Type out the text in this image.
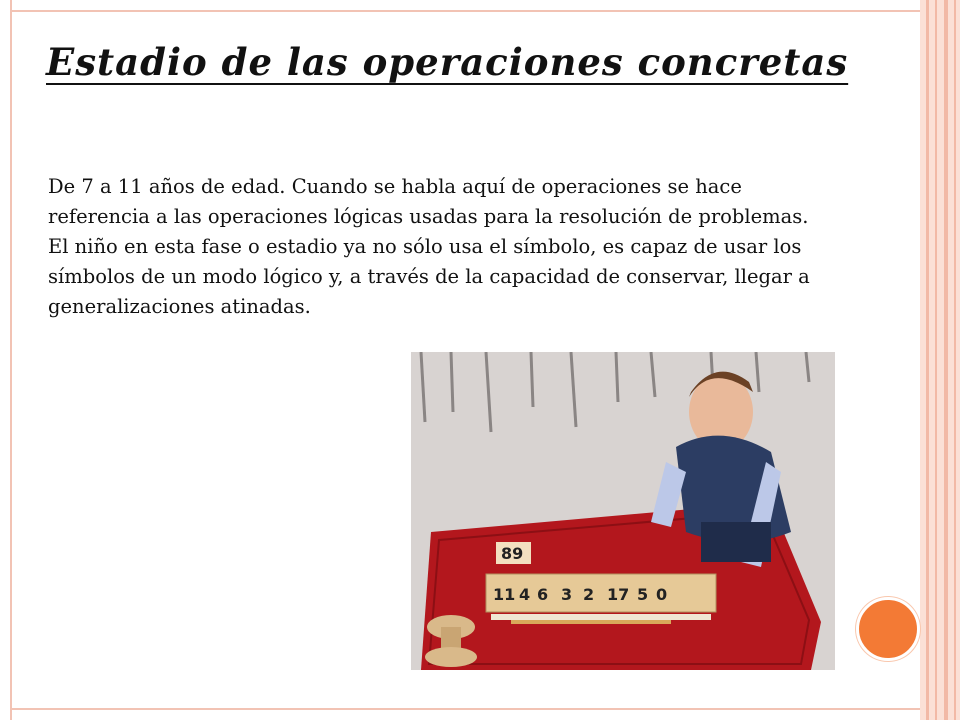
Estadio de las operaciones concretas

De 7 a 11 años de edad. Cuando se habla aquí de operaciones se hace referencia a las operaciones lógicas usadas para la resolución de problemas. El niño en esta fase o estadio ya no sólo usa el símbolo, es capaz de usar los símbolos de un modo lógico y, a través de la capacidad de conservar, llegar a generalizaciones atinadas.

89
11 4 6 3 2 17 5 0
